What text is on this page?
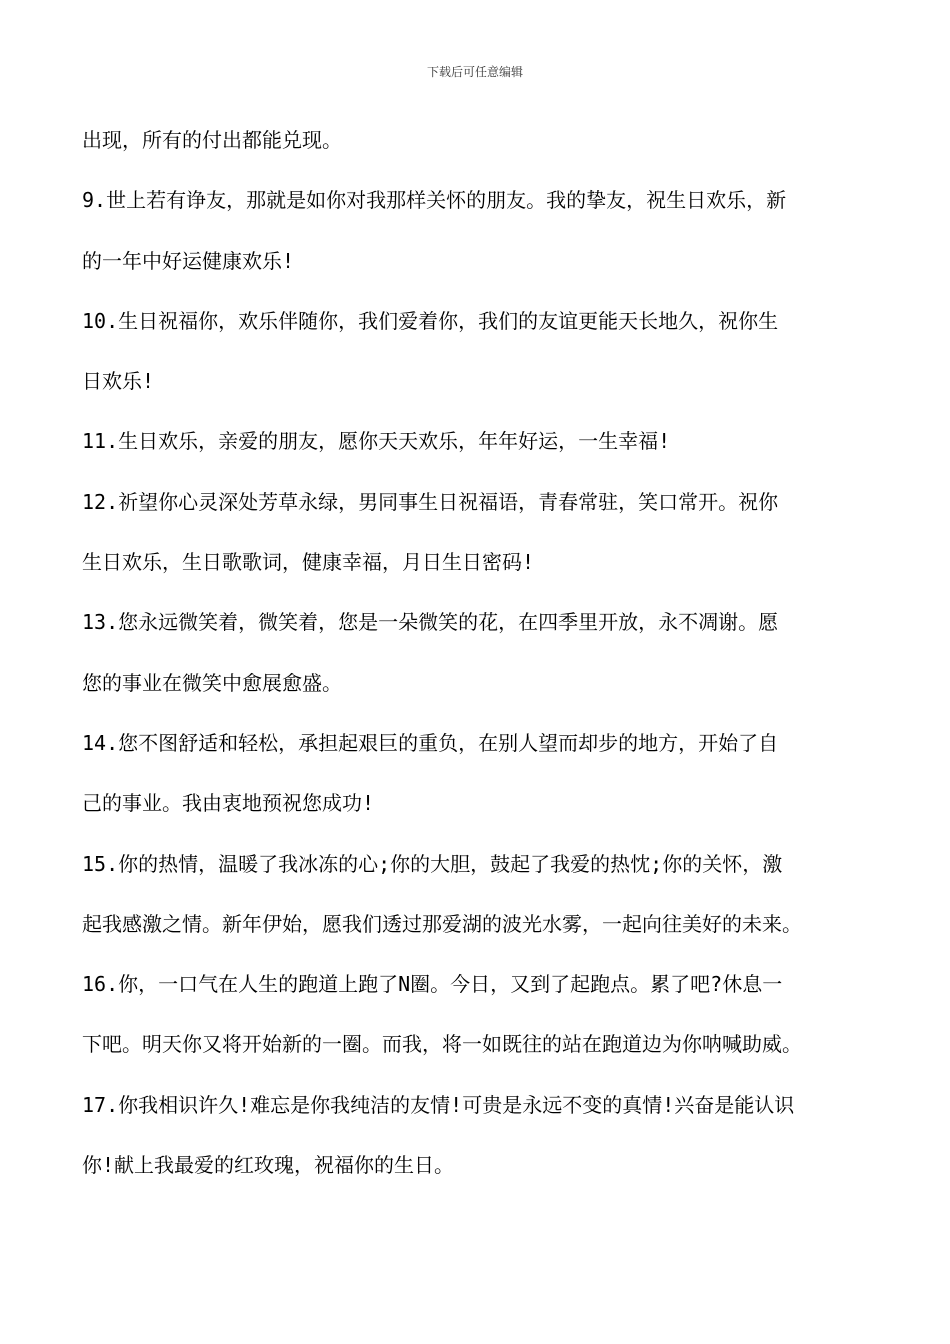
下载后可任意编辑
出现，所有的付出都能兑现。
9.世上若有诤友，那就是如你对我那样关怀的朋友。我的挚友，祝生日欢乐，新
的一年中好运健康欢乐!
10.生日祝福你，欢乐伴随你，我们爱着你，我们的友谊更能天长地久，祝你生
日欢乐!
11.生日欢乐，亲爱的朋友，愿你天天欢乐，年年好运，一生幸福!
12.祈望你心灵深处芳草永绿，男同事生日祝福语，青春常驻，笑口常开。祝你
生日欢乐，生日歌歌词，健康幸福，月日生日密码!
13.您永远微笑着，微笑着，您是一朵微笑的花，在四季里开放，永不凋谢。愿
您的事业在微笑中愈展愈盛。
14.您不图舒适和轻松，承担起艰巨的重负，在别人望而却步的地方，开始了自
己的事业。我由衷地预祝您成功!
15.你的热情，温暖了我冰冻的心;你的大胆，鼓起了我爱的热忱;你的关怀，激
起我感激之情。新年伊始，愿我们透过那爱湖的波光水雾，一起向往美好的未来。
16.你，一口气在人生的跑道上跑了N圈。今日，又到了起跑点。累了吧?休息一
下吧。明天你又将开始新的一圈。而我，将一如既往的站在跑道边为你呐喊助威。
17.你我相识许久!难忘是你我纯洁的友情!可贵是永远不变的真情!兴奋是能认识
你!献上我最爱的红玫瑰，祝福你的生日。
